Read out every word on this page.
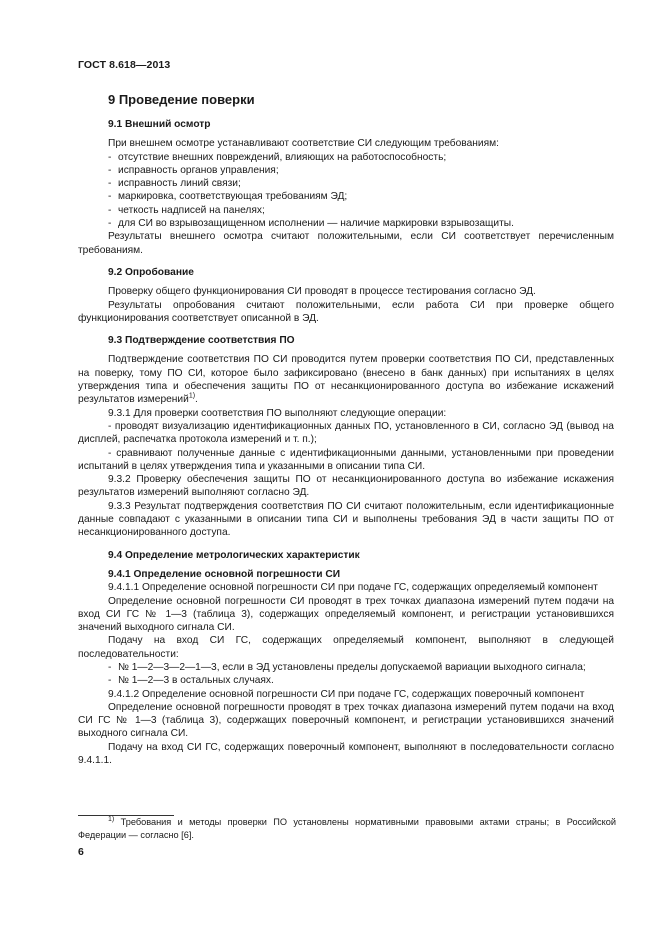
ГОСТ 8.618—2013

9 Проведение поверки

9.1 Внешний осмотр

При внешнем осмотре устанавливают соответствие СИ следующим требованиям:

- отсутствие внешних повреждений, влияющих на работоспособность;
- исправность органов управления;
- исправность линий связи;
- маркировка, соответствующая требованиям ЭД;
- четкость надписей на панелях;
- для СИ во взрывозащищенном исполнении — наличие маркировки взрывозащиты.

Результаты внешнего осмотра считают положительными, если СИ соответствует перечисленным требованиям.

9.2 Опробование

Проверку общего функционирования СИ проводят в процессе тестирования согласно ЭД.

Результаты опробования считают положительными, если работа СИ при проверке общего функционирования соответствует описанной в ЭД.

9.3 Подтверждение соответствия ПО

Подтверждение соответствия ПО СИ проводится путем проверки соответствия ПО СИ, представленных на поверку, тому ПО СИ, которое было зафиксировано (внесено в банк данных) при испытаниях в целях утверждения типа и обеспечения защиты ПО от несанкционированного доступа во избежание искажений результатов измерений$^{1)}$.

9.3.1 Для проверки соответствия ПО выполняют следующие операции:

- проводят визуализацию идентификационных данных ПО, установленного в СИ, согласно ЭД (вывод на дисплей, распечатка протокола измерений и т. п.);

- сравнивают полученные данные с идентификационными данными, установленными при проведении испытаний в целях утверждения типа и указанными в описании типа СИ.

9.3.2 Проверку обеспечения защиты ПО от несанкционированного доступа во избежание искажения результатов измерений выполняют согласно ЭД.

9.3.3 Результат подтверждения соответствия ПО СИ считают положительным, если идентификационные данные совпадают с указанными в описании типа СИ и выполнены требования ЭД в части защиты ПО от несанкционированного доступа.

9.4 Определение метрологических характеристик

9.4.1 Определение основной погрешности СИ

9.4.1.1 Определение основной погрешности СИ при подаче ГС, содержащих определяемый компонент

Определение основной погрешности СИ проводят в трех точках диапазона измерений путем подачи на вход СИ ГС № 1—3 (таблица 3), содержащих определяемый компонент, и регистрации установившихся значений выходного сигнала СИ.

Подачу на вход СИ ГС, содержащих определяемый компонент, выполняют в следующей последовательности:

- № 1—2—3—2—1—3, если в ЭД установлены пределы допускаемой вариации выходного сигнала;
- № 1—2—3 в остальных случаях.

9.4.1.2 Определение основной погрешности СИ при подаче ГС, содержащих поверочный компонент

Определение основной погрешности проводят в трех точках диапазона измерений путем подачи на вход СИ ГС № 1—3 (таблица 3), содержащих поверочный компонент, и регистрации установившихся значений выходного сигнала СИ.

Подачу на вход СИ ГС, содержащих поверочный компонент, выполняют в последовательности согласно 9.4.1.1.

$^{1)}$ Требования и методы проверки ПО установлены нормативными правовыми актами страны; в Российской Федерации — согласно [6].
6
